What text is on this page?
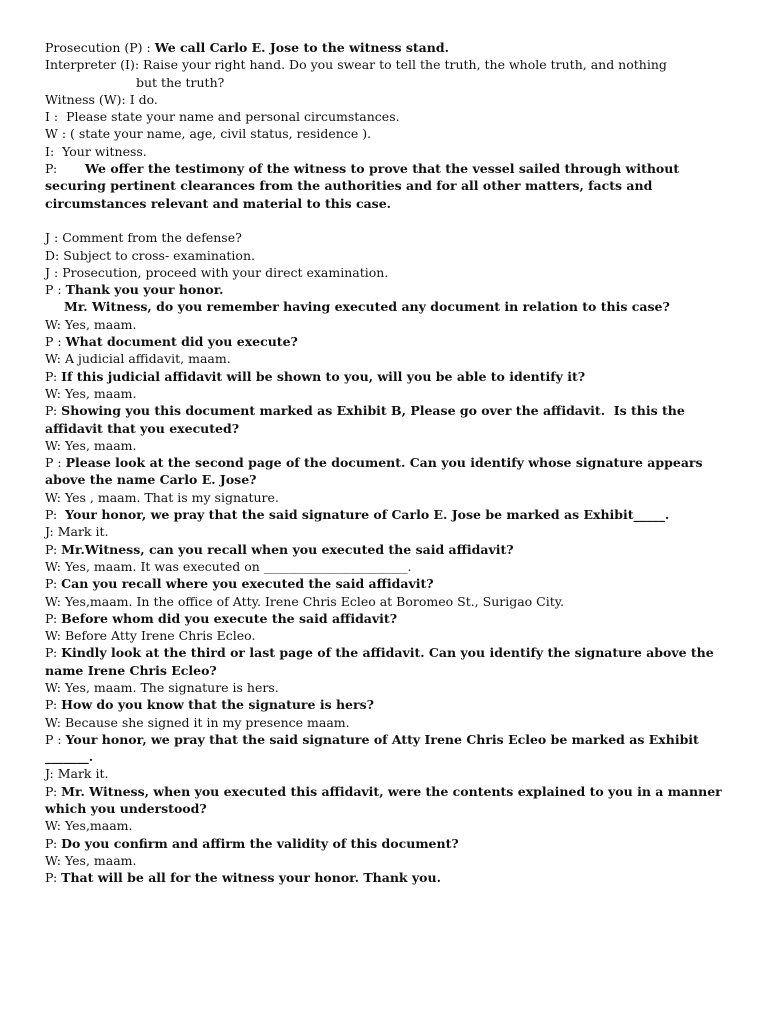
Prosecution (P) : We call Carlo E. Jose to the witness stand.

Interpreter (I): Raise your right hand. Do you swear to tell the truth, the whole truth, and nothing

but the truth?

Witness (W): I do.

I : Please state your name and personal circumstances.

W : ( state your name, age, civil status, residence ).

I: Your witness.

P: We offer the testimony of the witness to prove that the vessel sailed through without securing pertinent clearances from the authorities and for all other matters, facts and circumstances relevant and material to this case.

J : Comment from the defense?

D: Subject to cross- examination.

J : Prosecution, proceed with your direct examination.

P : Thank you your honor.

Mr. Witness, do you remember having executed any document in relation to this case?

W: Yes, maam.

P : What document did you execute?

W: A judicial affidavit, maam.

P: If this judicial affidavit will be shown to you, will you be able to identify it?

W: Yes, maam.

P: Showing you this document marked as Exhibit B, Please go over the affidavit.  Is this the affidavit that you executed?

W: Yes, maam.

P : Please look at the second page of the document. Can you identify whose signature appears above the name Carlo E. Jose?

W: Yes , maam. That is my signature.

P: Your honor, we pray that the said signature of Carlo E. Jose be marked as Exhibit_____.

J: Mark it.

P: Mr.Witness, can you recall when you executed the said affidavit?

W: Yes, maam. It was executed on _______________________.

P: Can you recall where you executed the said affidavit?

W: Yes,maam. In the office of Atty. Irene Chris Ecleo at Boromeo St., Surigao City.

P: Before whom did you execute the said affidavit?

W: Before Atty Irene Chris Ecleo.

P: Kindly look at the third or last page of the affidavit. Can you identify the signature above the name Irene Chris Ecleo?

W: Yes, maam. The signature is hers.

P: How do you know that the signature is hers?

W: Because she signed it in my presence maam.

P : Your honor, we pray that the said signature of Atty Irene Chris Ecleo be marked as Exhibit _______.

J: Mark it.

P: Mr. Witness, when you executed this affidavit, were the contents explained to you in a manner which you understood?

W: Yes,maam.

P: Do you confirm and affirm the validity of this document?

W: Yes, maam.

P: That will be all for the witness your honor. Thank you.
